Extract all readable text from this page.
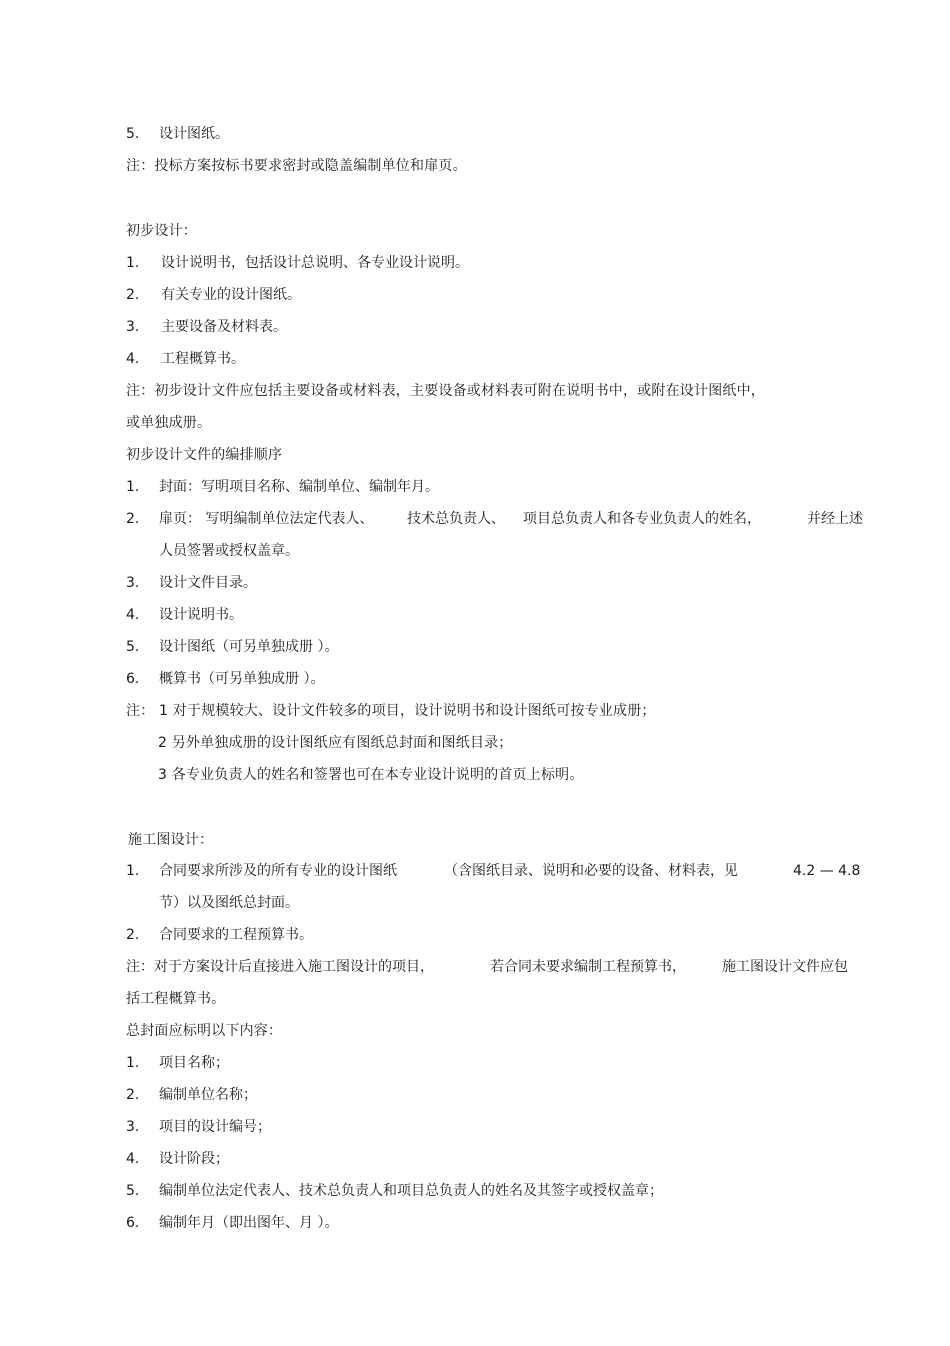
5. 设计图纸。
注：投标方案按标书要求密封或隐盖编制单位和扉页。
初步设计：
1. 设计说明书，包括设计总说明、各专业设计说明。
2. 有关专业的设计图纸。
3. 主要设备及材料表。
4. 工程概算书。
注：初步设计文件应包括主要设备或材料表，主要设备或材料表可附在说明书中，或附在设计图纸中，
或单独成册。
初步设计文件的编排顺序
1. 封面：写明项目名称、编制单位、编制年月。
2. 扉页： 写明编制单位法定代表人、 技术总负责人、 项目总负责人和各专业负责人的姓名，	并经上述
人员签署或授权盖章。
3. 设计文件目录。
4. 设计说明书。
5. 设计图纸（可另单独成册 ）。
6. 概算书（可另单独成册 ）。
注： 1 对于规模较大、设计文件较多的项目，设计说明书和设计图纸可按专业成册；
2 另外单独成册的设计图纸应有图纸总封面和图纸目录；
3 各专业负责人的姓名和签署也可在本专业设计说明的首页上标明。
施工图设计：
1. 合同要求所涉及的所有专业的设计图纸	（含图纸目录、说明和必要的设备、材料表，见	4.2 — 4.8
节）以及图纸总封面。
2. 合同要求的工程预算书。
注：对于方案设计后直接进入施工图设计的项目，	若合同未要求编制工程预算书，	施工图设计文件应包
括工程概算书。
总封面应标明以下内容：
1. 项目名称；
2. 编制单位名称；
3. 项目的设计编号；
4. 设计阶段；
5. 编制单位法定代表人、技术总负责人和项目总负责人的姓名及其签字或授权盖章；
6. 编制年月（即出图年、月 ）。
